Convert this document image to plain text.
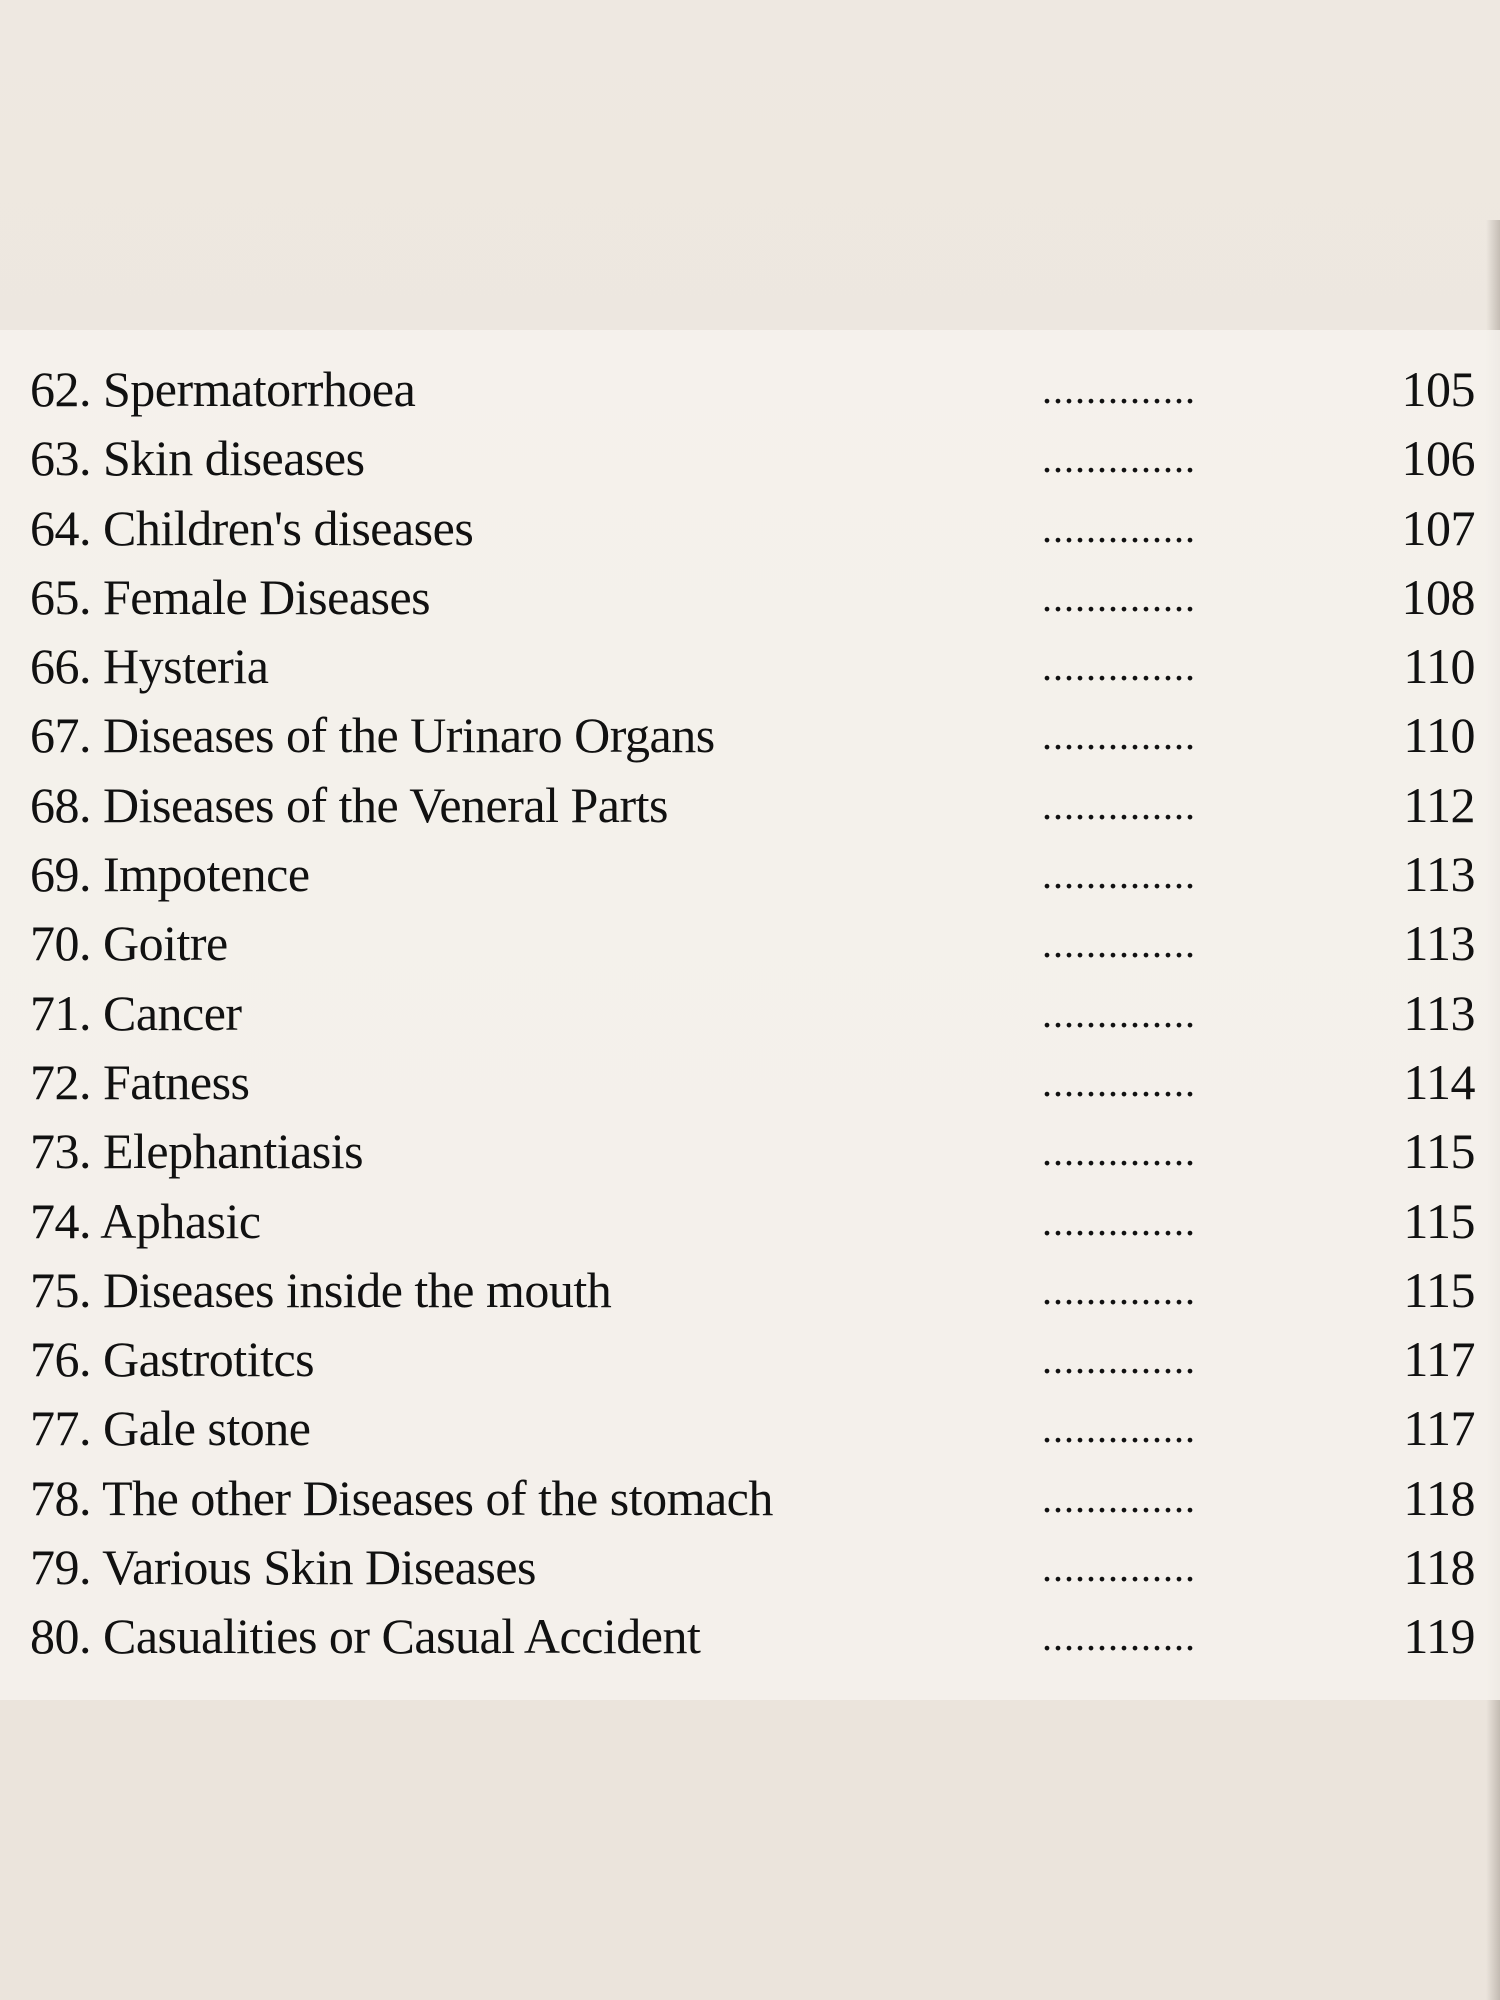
62. Spermatorrhoea	..............	105
63. Skin diseases	..............	106
64. Children's diseases	..............	107
65. Female Diseases	..............	108
66. Hysteria	..............	110
67. Diseases of the Urinaro Organs	..............	110
68. Diseases of the Veneral Parts	..............	112
69. Impotence	..............	113
70. Goitre	..............	113
71. Cancer	..............	113
72. Fatness	..............	114
73. Elephantiasis	..............	115
74. Aphasic	..............	115
75. Diseases inside the mouth	..............	115
76. Gastrotitcs	..............	117
77. Gale stone	..............	117
78. The other Diseases of the stomach	..............	118
79. Various Skin Diseases	..............	118
80. Casualities or Casual Accident	..............	119
